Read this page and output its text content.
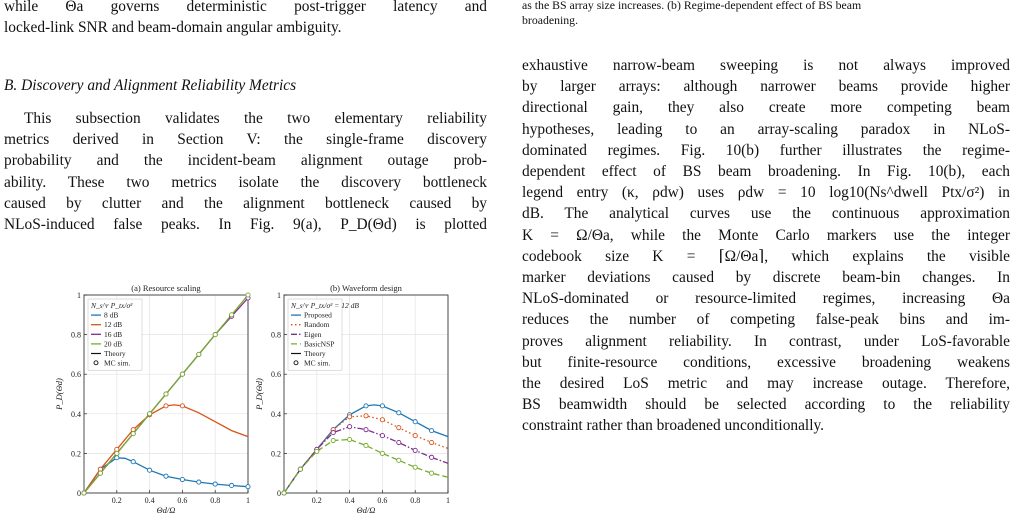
while Θa governs deterministic post-trigger latency and
locked-link SNR and beam-domain angular ambiguity.

B. Discovery and Alignment Reliability Metrics
This subsection validates the two elementary reliability
metrics derived in Section V: the single-frame discovery
probability and the incident-beam alignment outage prob-
ability. These two metrics isolate the discovery bottleneck
caused by clutter and the alignment bottleneck caused by
NLoS-induced false peaks. In Fig. 9(a), P_D(Θd) is plotted
0.2	0.4	0.6	0.8	1
0
0.2
0.4
0.6
0.8
1
(a) Resource scaling
Θd/Ω
P_D(Θd)
N_s^r P_tx/σ²
8 dB
12 dB
16 dB
20 dB
Theory
MC sim.
0.2	0.4	0.6	0.8	1
0
0.2
0.4
0.6
0.8
1
(b) Waveform design
Θd/Ω
P_D(Θd)
N_s^r P_tx/σ² = 12 dB
Proposed
Random
Eigen
BasicNSP
Theory
MC sim.
as the BS array size increases. (b) Regime-dependent effect of BS beam
broadening.
exhaustive narrow-beam sweeping is not always improved
by larger arrays: although narrower beams provide higher
directional gain, they also create more competing beam
hypotheses, leading to an array-scaling paradox in NLoS-
dominated regimes. Fig. 10(b) further illustrates the regime-
dependent effect of BS beam broadening. In Fig. 10(b), each
legend entry (κ, ρdw) uses ρdw = 10 log10(Ns^dwell Ptx/σ²) in
dB. The analytical curves use the continuous approximation
K = Ω/Θa, while the Monte Carlo markers use the integer
codebook size K = ⌈Ω/Θa⌉, which explains the visible
marker deviations caused by discrete beam-bin changes. In
NLoS-dominated or resource-limited regimes, increasing Θa
reduces the number of competing false-peak bins and im-
proves alignment reliability. In contrast, under LoS-favorable
but finite-resource conditions, excessive broadening weakens
the desired LoS metric and may increase outage. Therefore,
BS beamwidth should be selected according to the reliability
constraint rather than broadened unconditionally.
